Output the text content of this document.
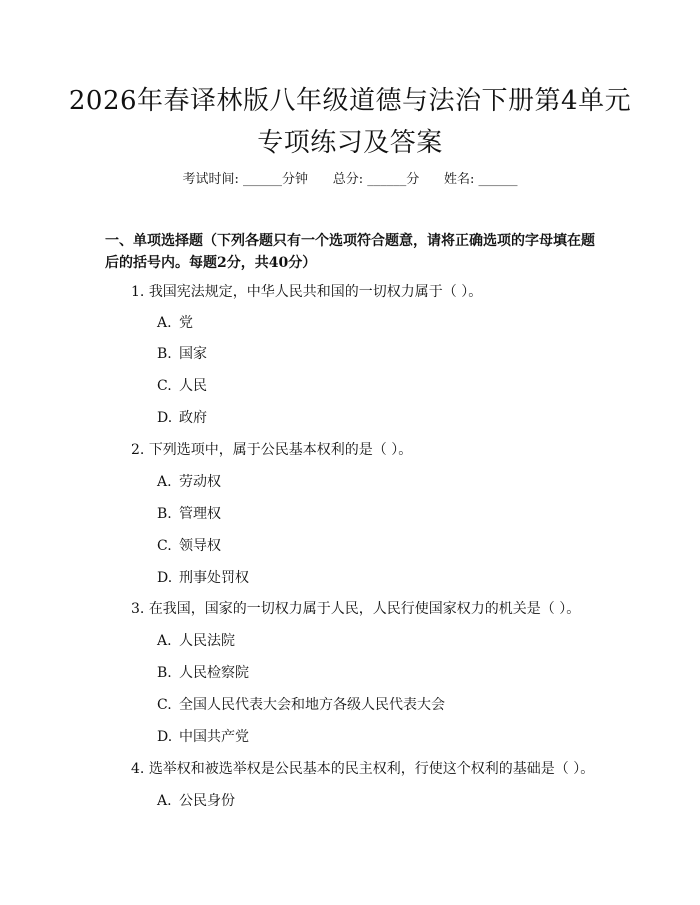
2026年春译林版八年级道德与法治下册第4单元专项练习及答案
考试时间: ______分钟      总分: ______分      姓名: ______
一、单项选择题（下列各题只有一个选项符合题意，请将正确选项的字母填在题后的括号内。每题2分，共40分）
1. 我国宪法规定，中华人民共和国的一切权力属于（ ）。
A. 党
B. 国家
C. 人民
D. 政府
2. 下列选项中，属于公民基本权利的是（ ）。
A. 劳动权
B. 管理权
C. 领导权
D. 刑事处罚权
3. 在我国，国家的一切权力属于人民，人民行使国家权力的机关是（ ）。
A. 人民法院
B. 人民检察院
C. 全国人民代表大会和地方各级人民代表大会
D. 中国共产党
4. 选举权和被选举权是公民基本的民主权利，行使这个权利的基础是（ ）。
A. 公民身份
